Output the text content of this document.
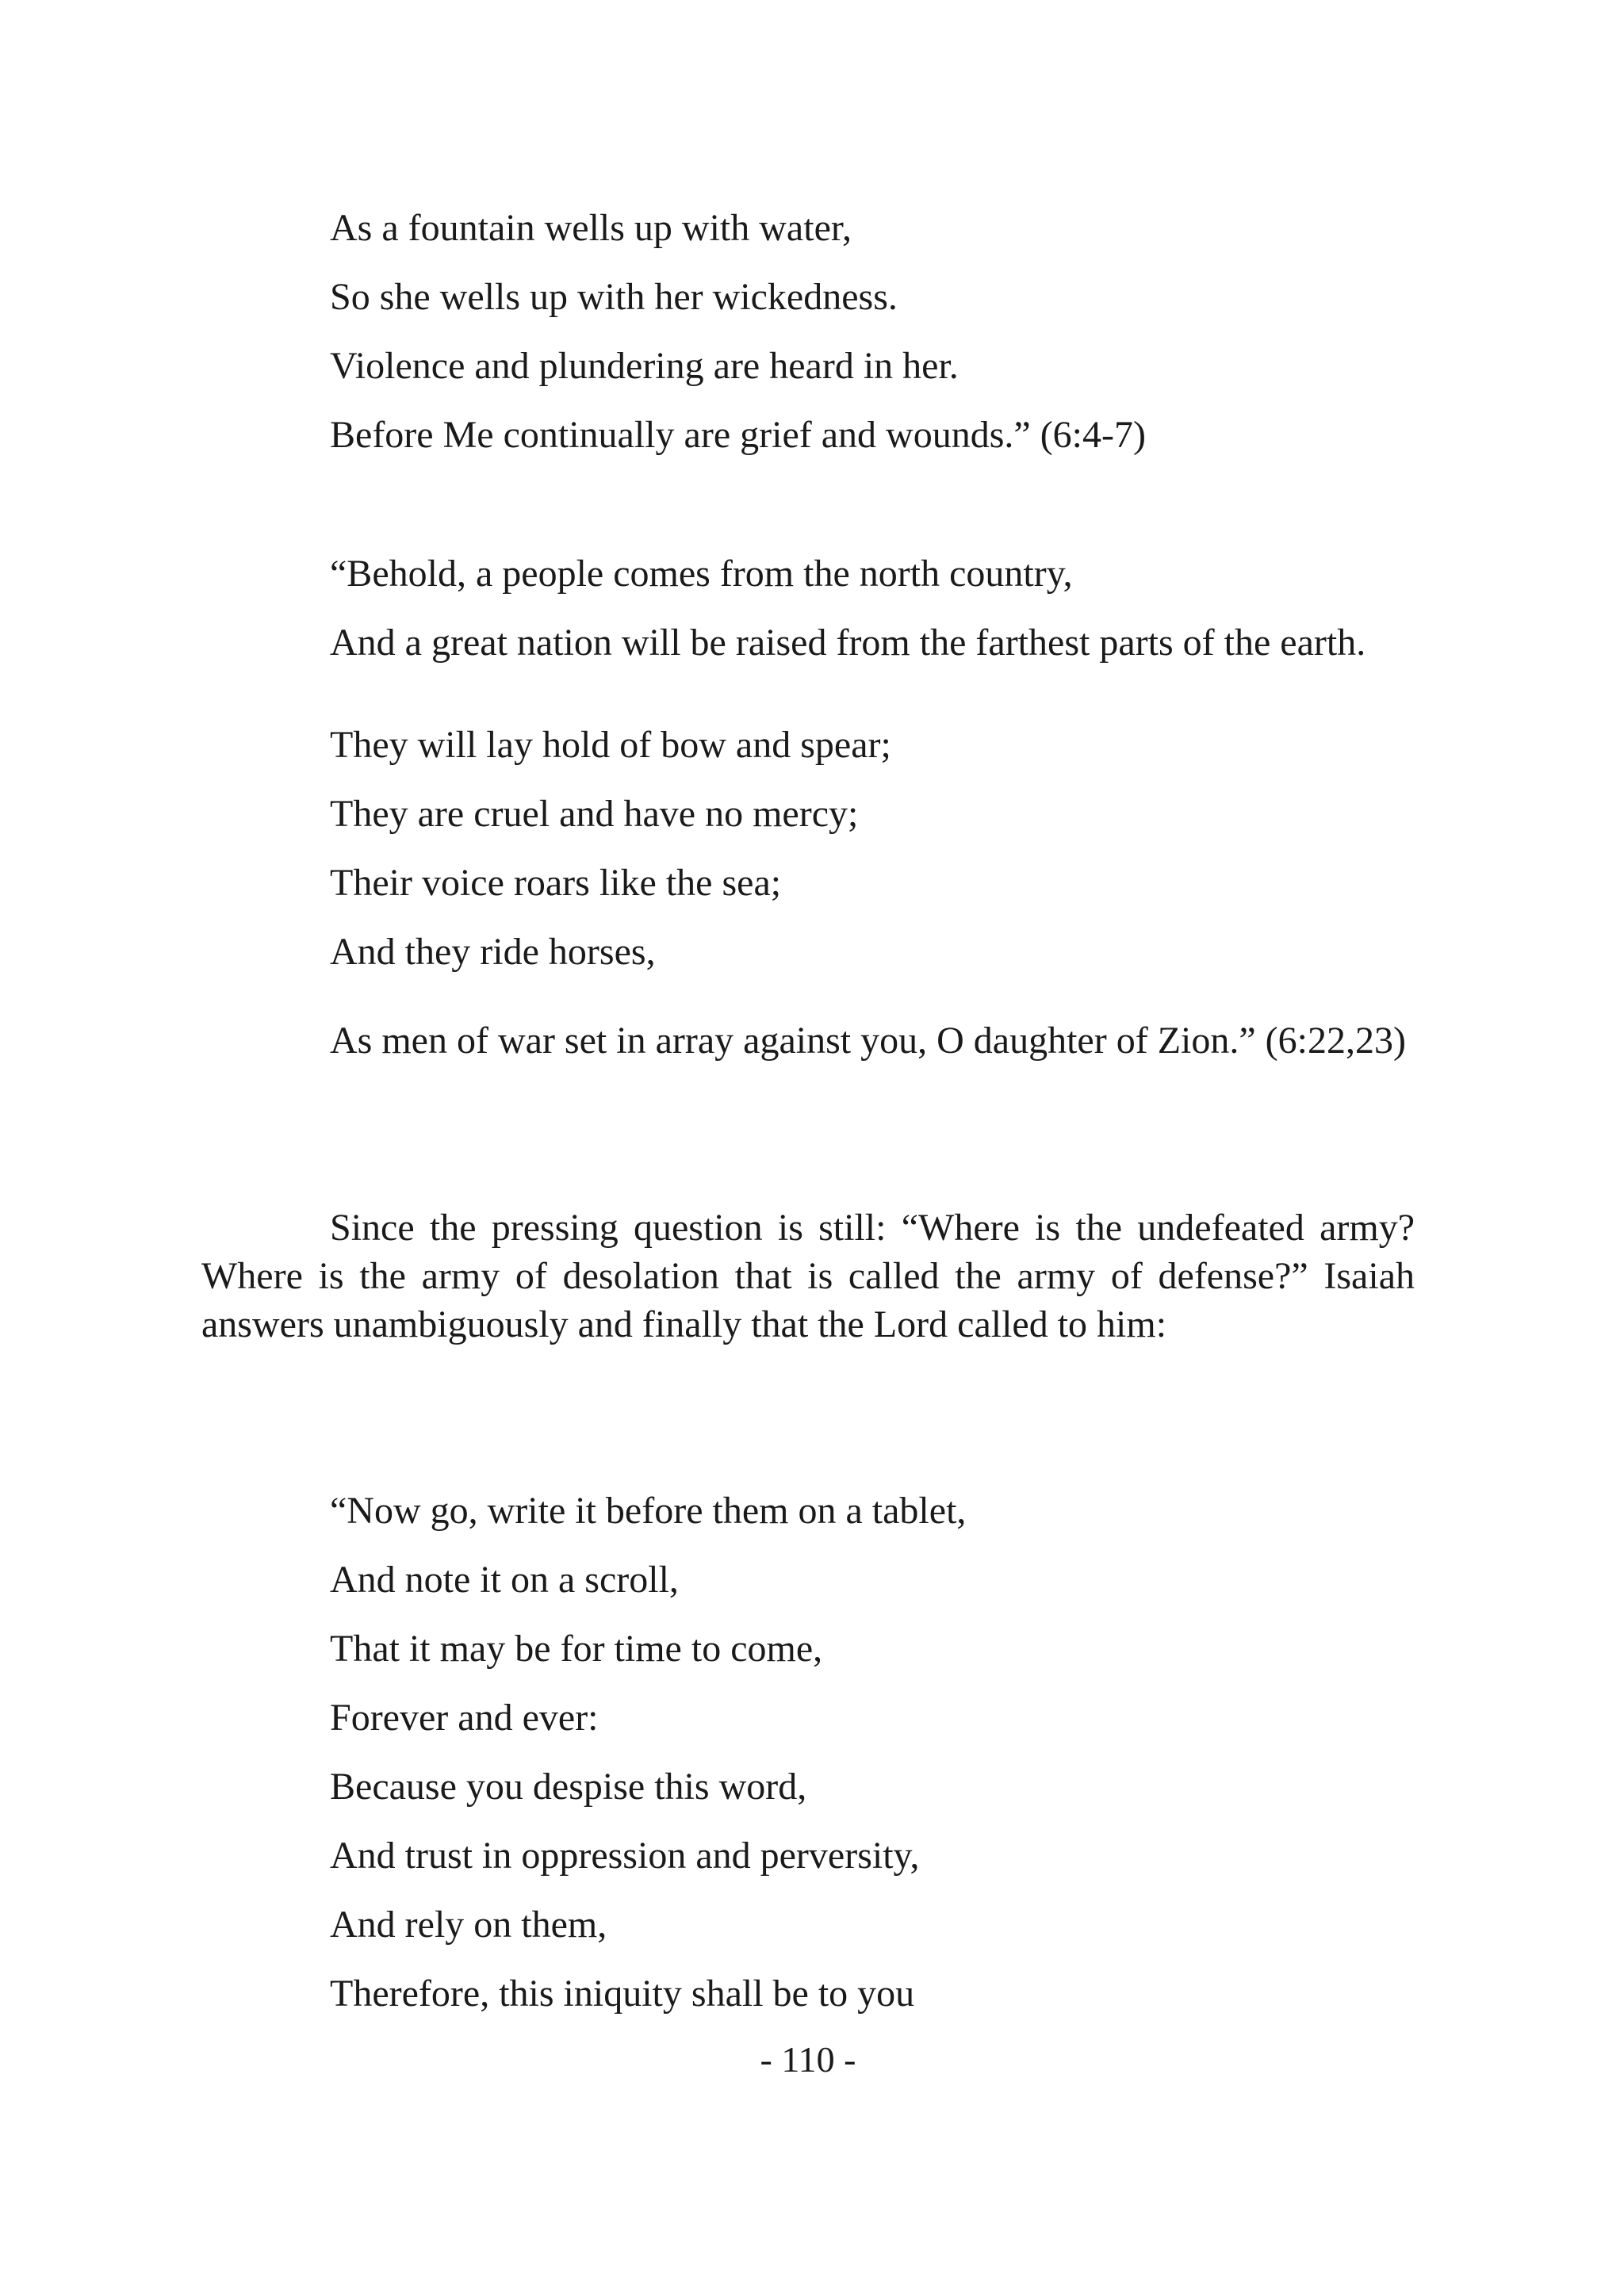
As a fountain wells up with water,
So she wells up with her wickedness.
Violence and plundering are heard in her.
Before Me continually are grief and wounds.” (6:4-7)
“Behold, a people comes from the north country,

And a great nation will be raised from the farthest parts of the earth.

They will lay hold of bow and spear;
They are cruel and have no mercy;
Their voice roars like the sea;
And they ride horses,

As men of war set in array against you, O daughter of Zion.” (6:22,23)

Since the pressing question is still: “Where is the undefeated army? Where is the army of desolation that is called the army of defense?” Isaiah answers unambiguously and finally that the Lord called to him:

“Now go, write it before them on a tablet,
And note it on a scroll,
That it may be for time to come,
Forever and ever:
Because you despise this word,
And trust in oppression and perversity,
And rely on them,
Therefore, this iniquity shall be to you
- 110 -
